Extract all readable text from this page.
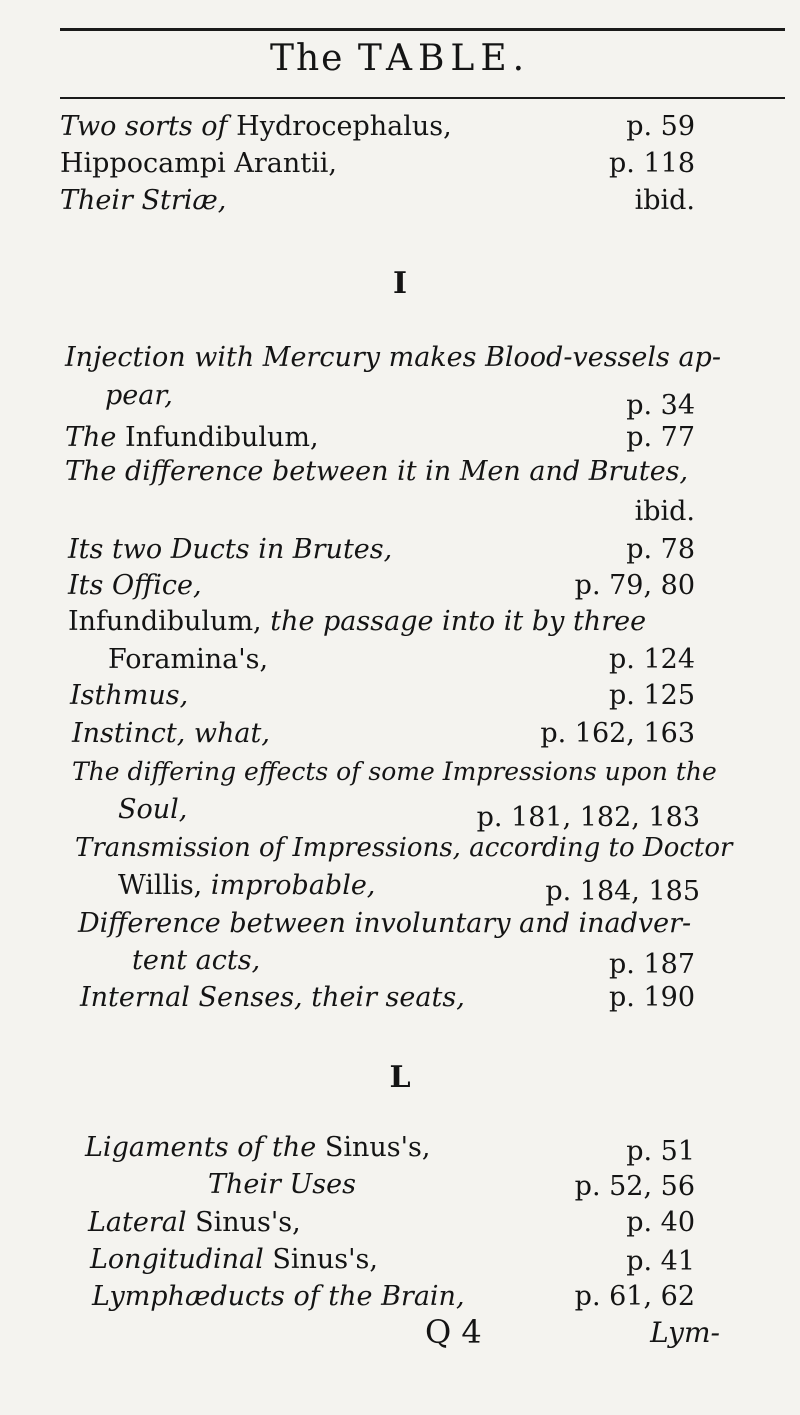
The TABLE.
Two sorts of Hydrocephalus,	p. 59
Hippocampi Arantii,	p. 118
Their Striæ,	ibid.
I
Injection with Mercury makes Blood-vessels ap-
pear,	p. 34
The Infundibulum,	p. 77
The difference between it in Men and Brutes,
ibid.
Its two Ducts in Brutes,	p. 78
Its Office,	p. 79, 80
Infundibulum, the passage into it by three
Foramina's,	p. 124
Isthmus,	p. 125
Instinct, what,	p. 162, 163
The differing effects of some Impressions upon the
Soul,	p. 181, 182, 183
Transmission of Impressions, according to Doctor
Willis, improbable,	p. 184, 185
Difference between involuntary and inadver-
tent acts,	p. 187
Internal Senses, their seats,	p. 190
L
Ligaments of the Sinus's,	p. 51
Their Uses	p. 52, 56
Lateral Sinus's,	p. 40
Longitudinal Sinus's,	p. 41
Lymphæducts of the Brain,	p. 61, 62
Q 4	Lym-
